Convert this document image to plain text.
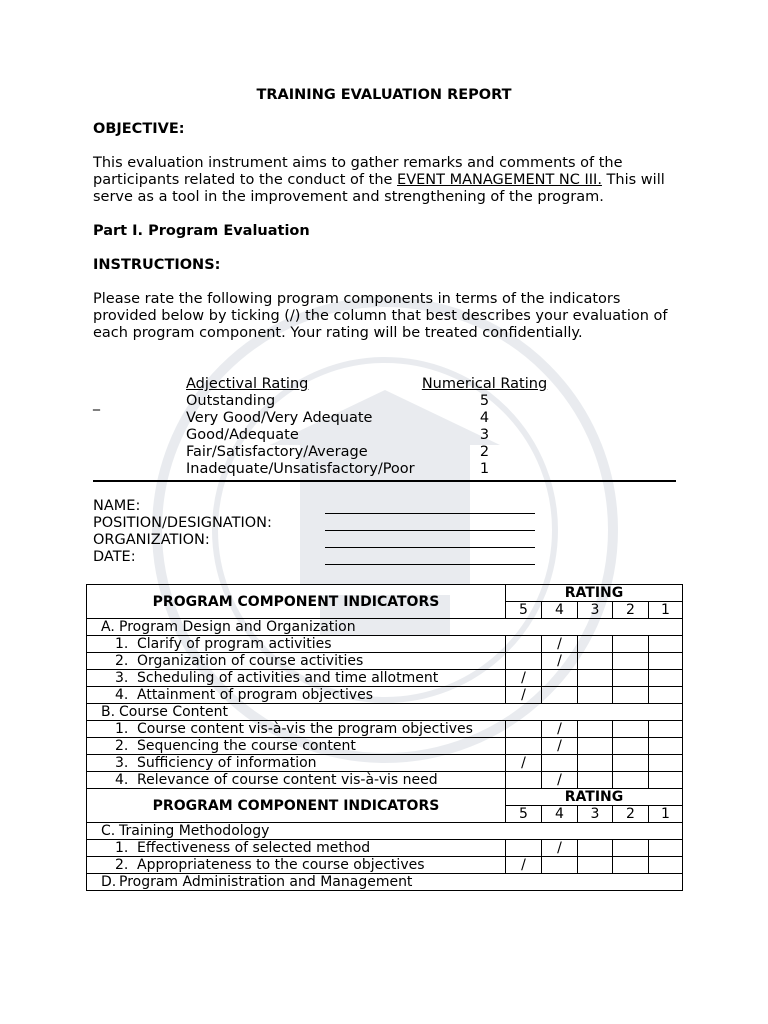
TRAINING EVALUATION REPORT
OBJECTIVE:
This evaluation instrument aims to gather remarks and comments of the participants related to the conduct of the EVENT MANAGEMENT NC III. This will serve as a tool in the improvement and strengthening of the program.
Part I. Program Evaluation
INSTRUCTIONS:
Please rate the following program components in terms of the indicators provided below by ticking (/) the column that best describes your evaluation of each program component. Your rating will be treated confidentially.
_
Adjectival Rating	Numerical Rating
Outstanding	5
Very Good/Very Adequate	4
Good/Adequate	3
Fair/Satisfactory/Average	2
Inadequate/Unsatisfactory/Poor	1
NAME:
POSITION/DESIGNATION:
ORGANIZATION:
DATE:
PROGRAM COMPONENT INDICATORS	RATING				
	5	4	3	2	1
A. Program Design and Organization					
1. Clarify of program activities		/			
2. Organization of course activities		/			
3. Scheduling of activities and time allotment	/				
4. Attainment of program objectives	/				
B. Course Content					

1. Course content vis-à-vis the program objectives		/			
2. Sequencing the course content		/			
3. Sufficiency of information	/				
4. Relevance of course content vis-à-vis need		/			
PROGRAM COMPONENT INDICATORS	RATING				
	5	4	3	2	1
C. Training Methodology					
1. Effectiveness of selected method		/			
2. Appropriateness to the course objectives	/				
D. Program Administration and Management					
